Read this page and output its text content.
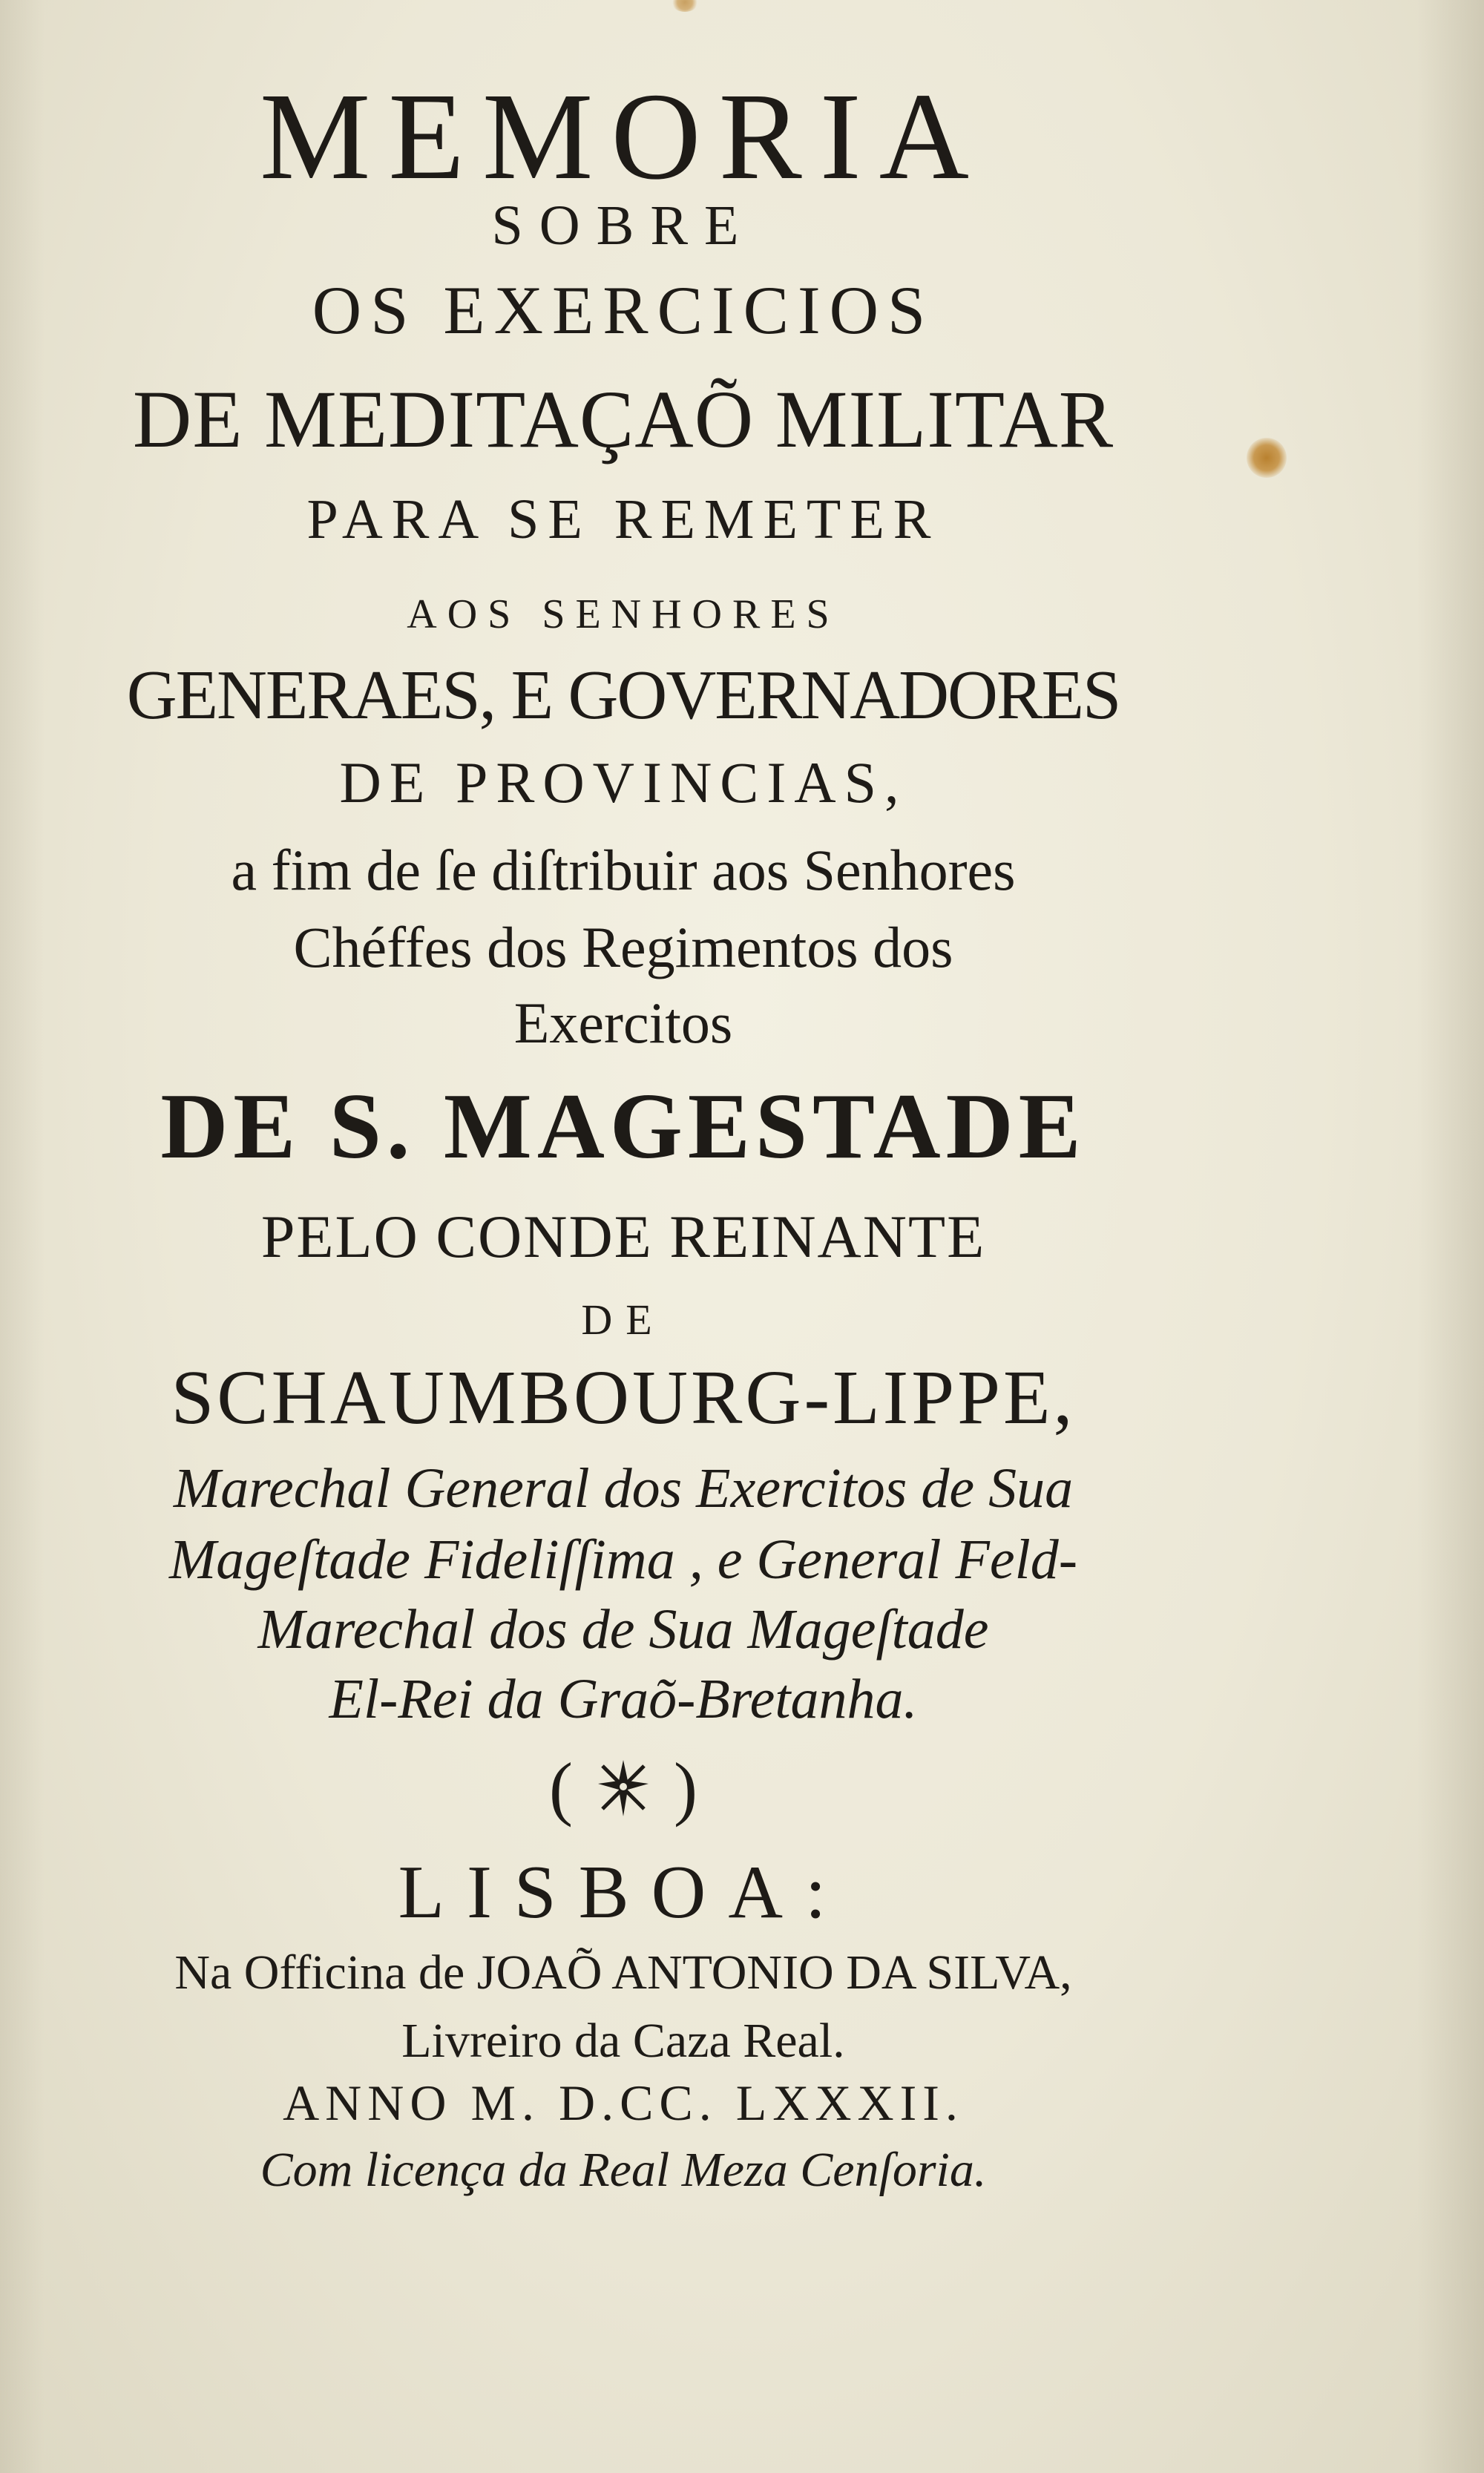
MEMORIA
SOBRE
OS EXERCICIOS
DE MEDITAÇAÕ MILITAR
PARA SE REMETER
AOS SENHORES
GENERAES, E GOVERNADORES
DE PROVINCIAS,
a fim de ſe diſtribuir aos Senhores
Chéffes dos Regimentos dos
Exercitos
DE S. MAGESTADE
PELO CONDE REINANTE
DE
SCHAUMBOURG-LIPPE,
Marechal General dos Exercitos de Sua
Mageſtade Fideliſſima , e General Feld-
Marechal dos de Sua Mageſtade
El-Rei da Graõ-Bretanha.
( )
LISBOA:
Na Officina de JOAÕ ANTONIO DA SILVA,
Livreiro da Caza Real.
ANNO M. D.CC. LXXXII.
Com licença da Real Meza Cenſoria.
